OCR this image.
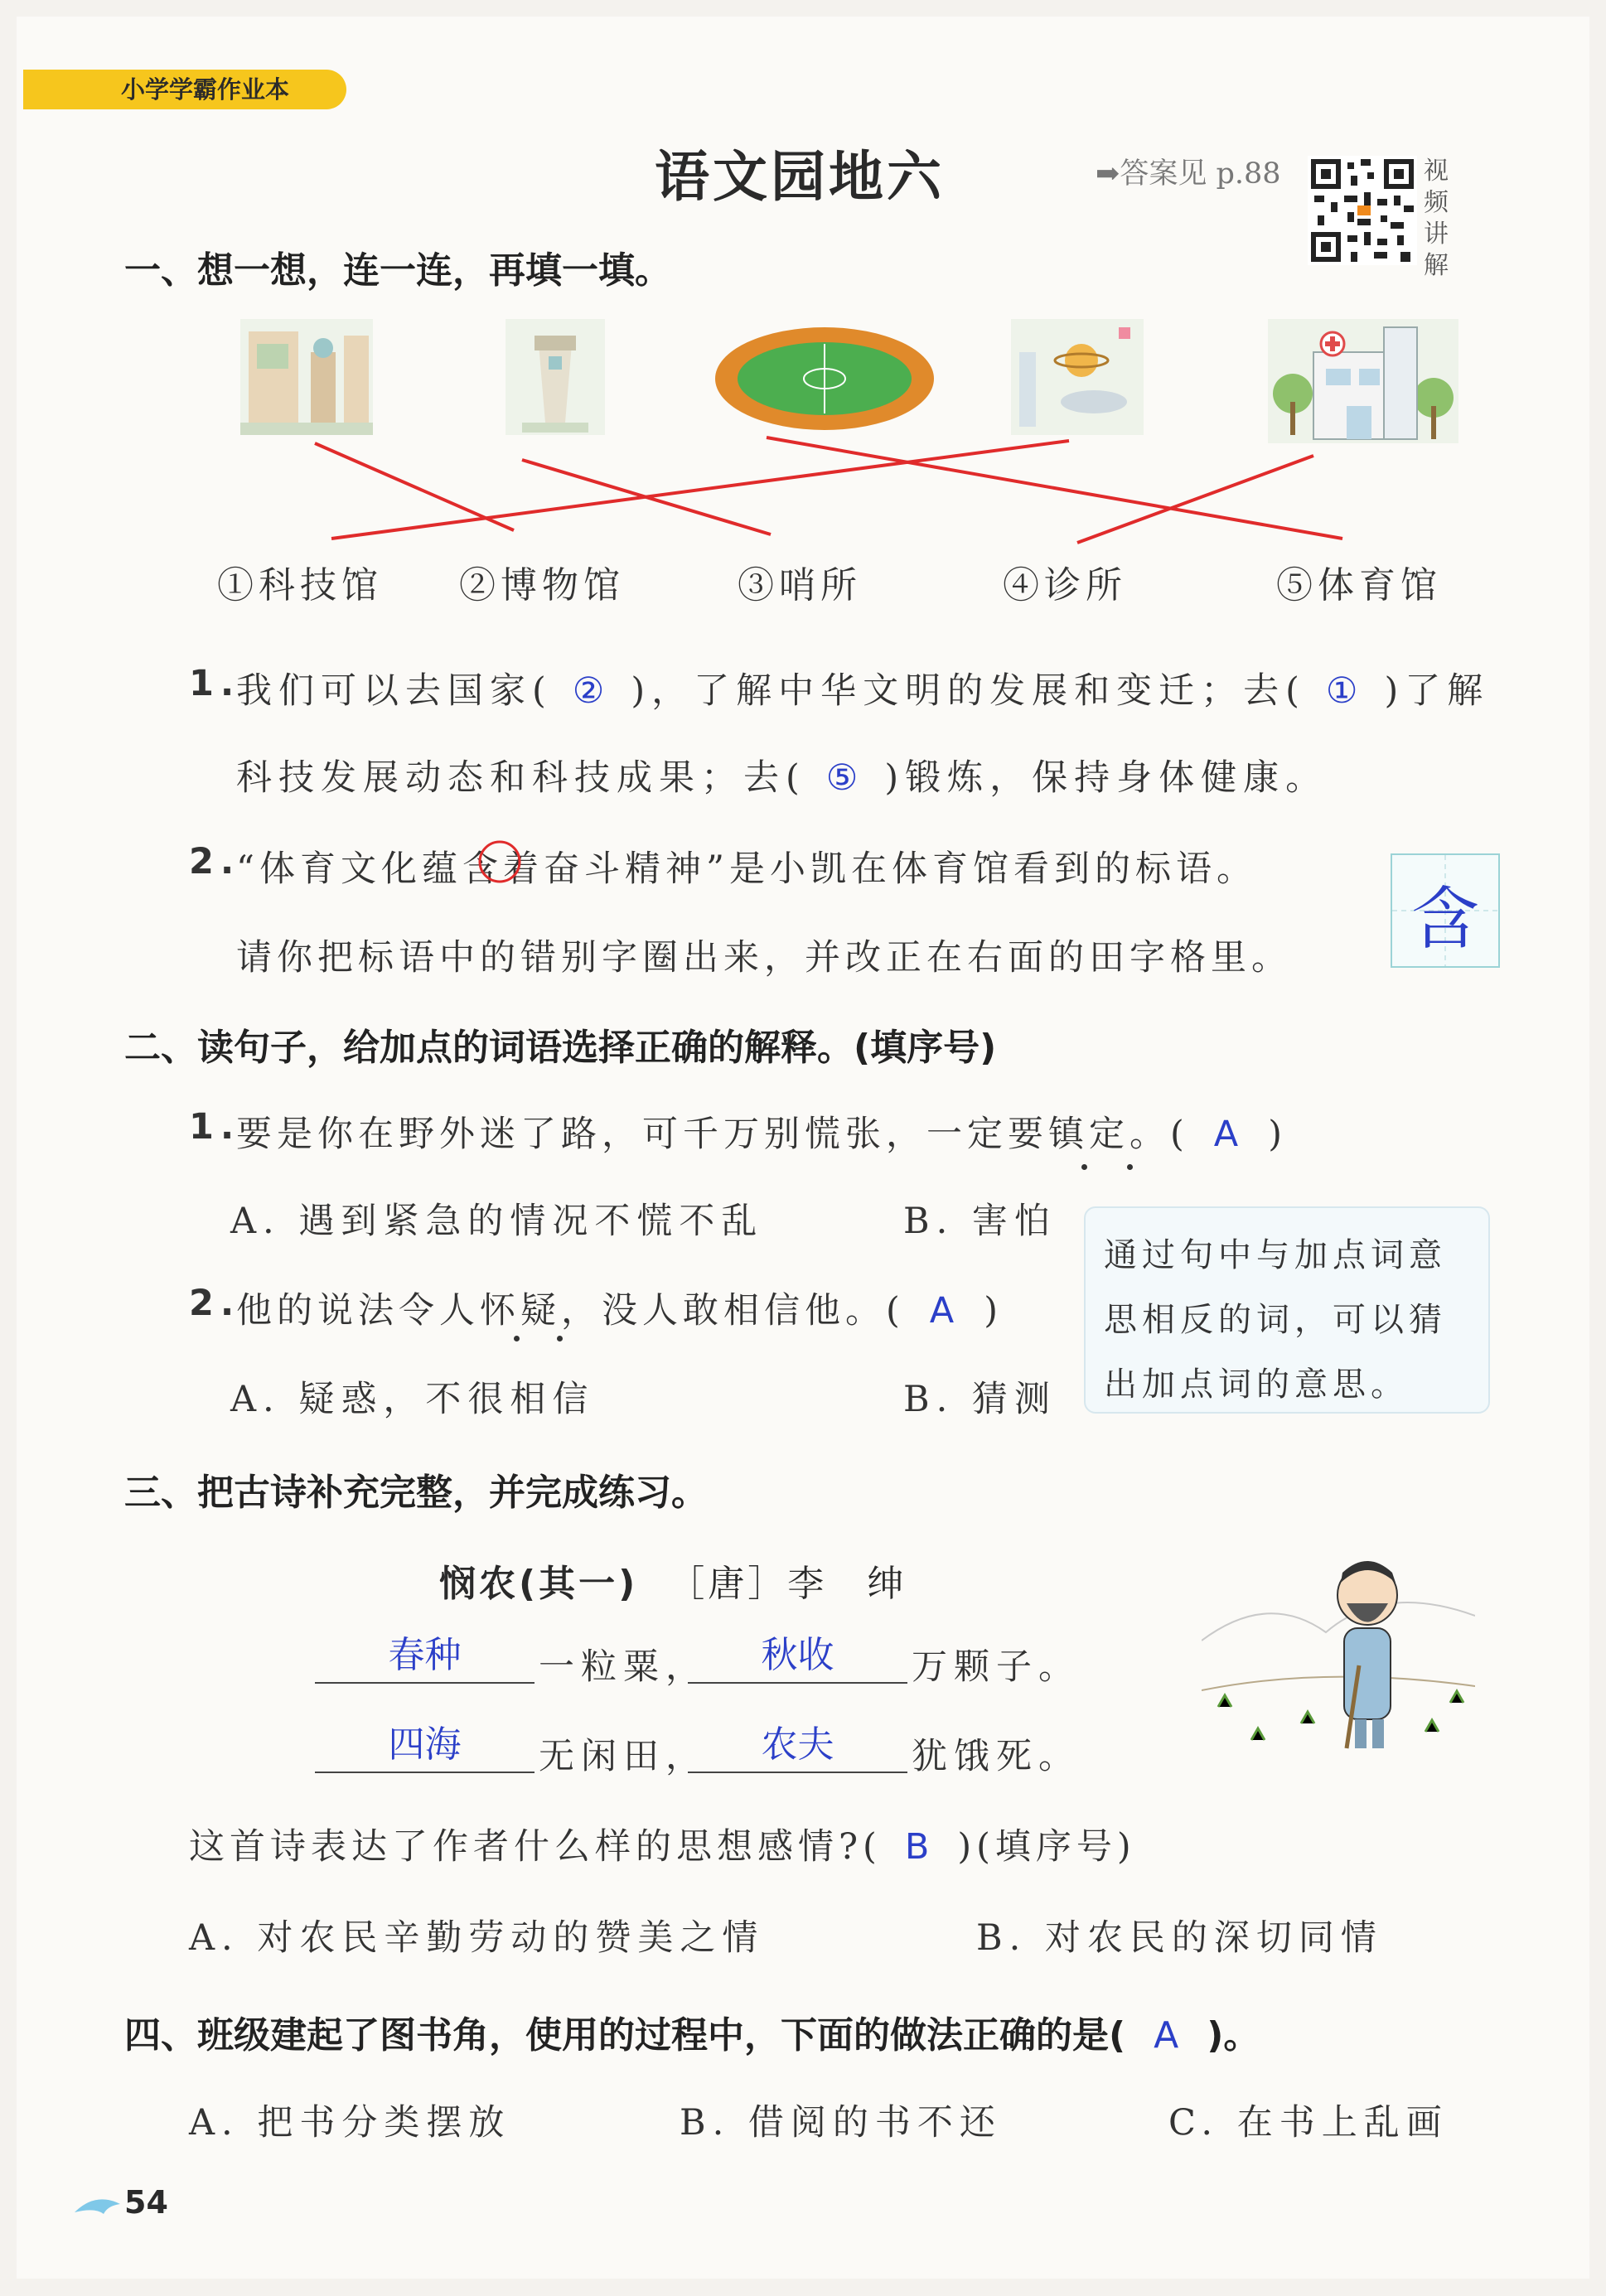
小学学霸作业本
语文园地六	➡答案见 p.88	视频讲解
一、想一想，连一连，再填一填。
①科技馆 ②博物馆	③哨所	④诊所	⑤体育馆
1.
我们可以去国家( ② )，了解中华文明的发展和变迁；去( ① )了解
科技发展动态和科技成果；去( ⑤ )锻炼，保持身体健康。
2.
“体育文化蕴含着奋斗精神”是小凯在体育馆看到的标语。
请你把标语中的错别字圈出来，并改正在右面的田字格里。 含
二、读句子，给加点的词语选择正确的解释。(填序号)
1.
要是你在野外迷了路，可千万别慌张，一定要镇定。( A )
A. 遇到紧急的情况不慌不乱	B. 害怕
2.
他的说法令人怀疑，没人敢相信他。( A )
A. 疑惑，不很相信	B. 猜测
通过句中与加点词意思相反的词，可以猜出加点词的意思。
三、把古诗补充完整，并完成练习。
悯农(其一) ［唐］李　绅
春种	一粒粟，	秋收	万颗子。
四海	无闲田，	农夫	犹饿死。
这首诗表达了作者什么样的思想感情?( B )(填序号)
A. 对农民辛勤劳动的赞美之情	B. 对农民的深切同情
四、班级建起了图书角，使用的过程中，下面的做法正确的是( A )。
A. 把书分类摆放	B. 借阅的书不还	C. 在书上乱画
54
